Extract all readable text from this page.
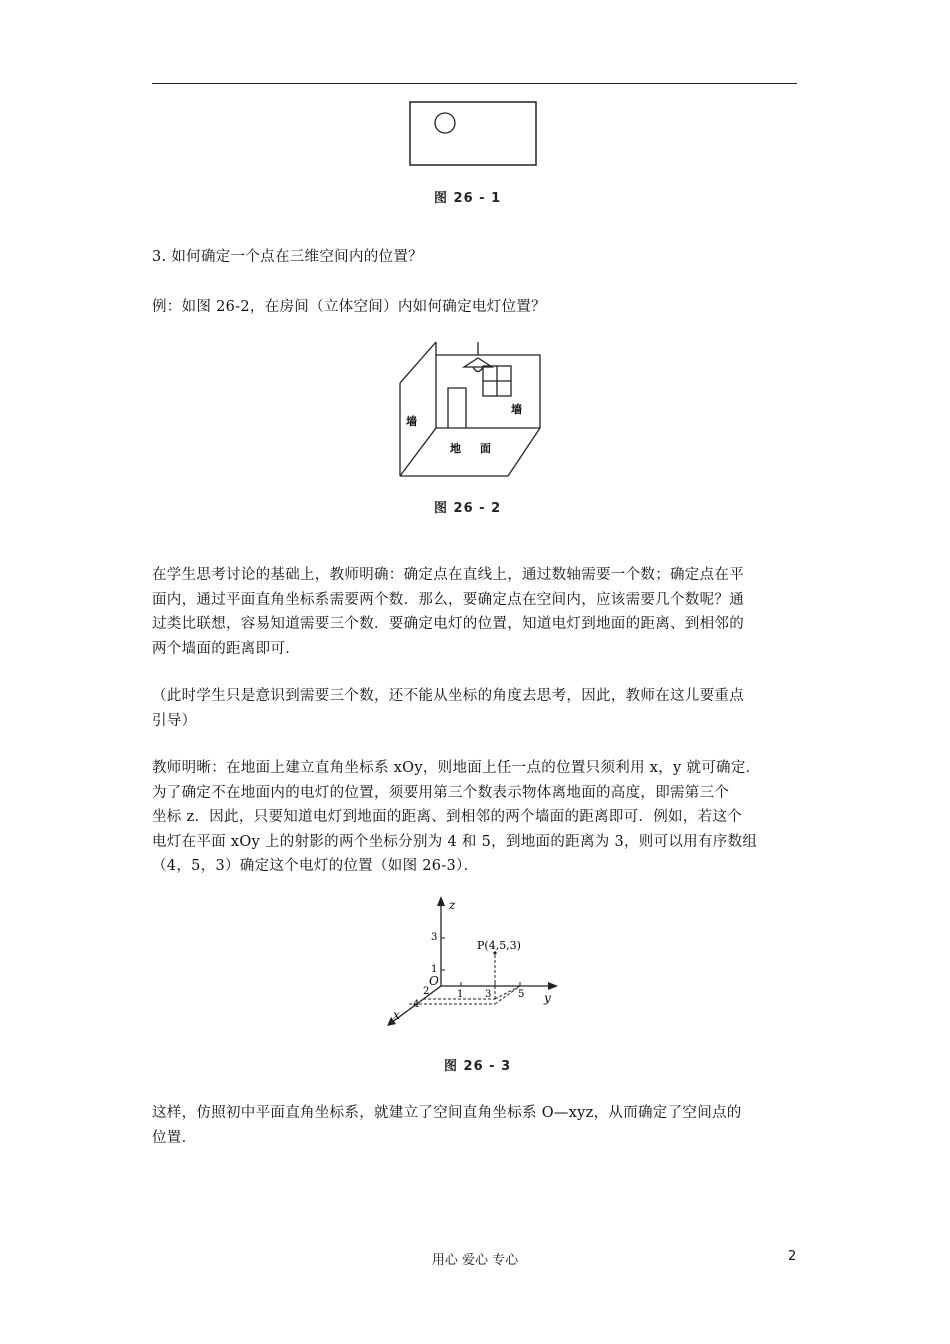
图 26 - 1

3. 如何确定一个点在三维空间内的位置？

例：如图 26-2，在房间（立体空间）内如何确定电灯位置？

墙
墙
地 面
图 26 - 2

在学生思考讨论的基础上，教师明确：确定点在直线上，通过数轴需要一个数；确定点在平
面内，通过平面直角坐标系需要两个数．那么，要确定点在空间内，应该需要几个数呢？通
过类比联想，容易知道需要三个数．要确定电灯的位置，知道电灯到地面的距离、到相邻的
两个墙面的距离即可．

（此时学生只是意识到需要三个数，还不能从坐标的角度去思考，因此，教师在这儿要重点
引导）

教师明晰：在地面上建立直角坐标系 xOy，则地面上任一点的位置只须利用 x，y 就可确定．
为了确定不在地面内的电灯的位置，须要用第三个数表示物体离地面的高度，即需第三个
坐标 z．因此，只要知道电灯到地面的距离、到相邻的两个墙面的距离即可．例如，若这个
电灯在平面 xOy 上的射影的两个坐标分别为 4 和 5，到地面的距离为 3，则可以用有序数组
（4，5，3）确定这个电灯的位置（如图 26-3）．

z
y
x
O
P(4,5,3)
3
1
1 3	5
2
4
图 26 - 3

这样，仿照初中平面直角坐标系，就建立了空间直角坐标系 O—xyz，从而确定了空间点的
位置．

用心 爱心 专心	2
